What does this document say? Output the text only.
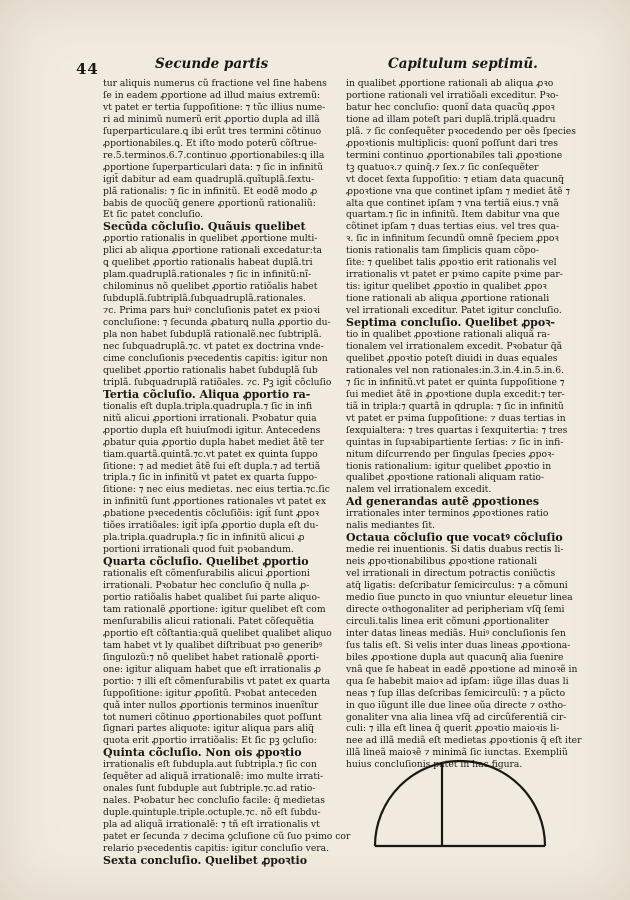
44	Secunde partis	Capitulum septimũ.
tur aliquis numerus cũ fractione vel ſine habens
ſe in eadem ꝓportione ad illud maius extremũ:
vt patet er tertia ſuppoſitione: ⁊ tũc illius nume-
ri ad minimũ numerũ erit ꝓportio dupla ad illã
ſuperparticulare.ꝗ ibi erũt tres termini cõtinuo
ꝓportionabiles.ꝗ. Et iſto modo poterũ cõſtrue-
re.5.terminos.6.7.continuo ꝓportionabiles:ꝗ illa
ꝓportione ſuperparticulari data: ⁊ ſic in infinitũ
igit̃ dabitur ad eam quadruplã.quĩtuplã.ſextu-
plã rationalis: ⁊ ſic in infinitũ. Et eodẽ modo ꝓ
babis de quocũq̃ genere ꝓportionũ rationaliũ:
Et ſic patet concluſio.
Secũda cõcluſio. Quãuis quelibet
ꝓportio rationalis in quelibet ꝓportione multi-
plici ab aliqua ꝓportione rationali excedatur:ta
ꝗ quelibet ꝓportio rationalis habeat duplã.tri
plam.quadruplã.rationales ⁊ ſic in infinitũ:nĩ-
chilominus nõ quelibet ꝓportio ratiõalis habet
ſubduplã.ſubtriplã.ſubquadruplã.rationales.
⁊c. Prima pars huiꝰ concluſionis patet ex pꝛioꝛi
concluſione: ⁊ ſecunda ꝓbaturꝗ nulla ꝓportio du-
pla non habet ſubduplã rationalẽ.nec ſubtriplã.
nec ſubquadruplã.⁊c. vt patet ex doctrina vnde-
cime concluſionis pꝛecedentis capitis: igitur non
quelibet ꝓportio rationalis habet ſubduplã ſub
triplã. ſubquadruplã ratiõales. ⁊c. Pꝫ igit̃ cõcluſio
Tertia cõcluſio. Aliqua ꝓportio ra-
tionalis eſt dupla.tripla.quadrupla.⁊ ſic in infi
nitũ alicui ꝓportioni irrationali. Pꝛobatur quia
ꝓportio dupla eſt huiuſmodi igitur. Antecedens
ꝓbatur quia ꝓportio dupla habet mediet ãtẽ ter
tiam.quartã.quintã.⁊c.vt patet ex quinta ſuppo
ſitione: ⁊ ad mediet ãtẽ ſui eſt dupla.⁊ ad tertiã
tripla.⁊ ſic in infinitũ vt patet ex quarta ſuppo-
ſitione: ⁊ nec eius medietas. nec eius tertia.⁊c.ſic
in infinitũ ſunt ꝓportiones rationales vt patet ex
ꝓbatione pꝛecedentis cõcluſiõis: igit̃ ſunt ꝓpoꝛ
tiões irratiõales: igit̃ ipſa ꝓportio dupla eſt du-
pla.tripla.quadrupla.⁊ ſic in infinitũ alicui ꝓ
portioni irrationali quod fuit pꝛobandum.
Quarta cõcluſio. Quelibet ꝓportio
rationalis eſt cõmenſurabilis alicui ꝓportioni
irrationali. Pꝛobatur hec concluſio q̃ nulla ꝓ-
portio ratiõalis habet qualibet ſui parte aliquo-
tam rationalẽ ꝓportione: igitur quelibet eſt com
menſurabilis alicui rationali. Patet cõſequẽtia
ꝓportio eſt cõſtantia:quã quelibet qualibet aliquo
tam habet vt ly qualibet diſtribuat pꝛo generibꝰ
ſingulozũ:⁊ nõ quelibet habet rationalẽ ꝓporti-
one: igitur aliquam habet que eſt irrationalis ꝓ
portio: ⁊ illi eſt cõmenſurabilis vt patet ex quarta
ſuppoſitione: igitur ꝓpoſitũ. Pꝛobat anteceden
quã inter nullos ꝓportionis terminos inuenĩtur
tot numeri cõtinuo ꝓportionabiles quot poſſunt
ſignari partes aliquote: igitur aliqua pars aliq̃
quota erit ꝓportio irratiõalis: Et ſic pꝫ ꝯcluſio:
Quinta cõcluſio. Non ois ꝓpoꝛtio
irrationalis eſt ſubdupla.aut ſubtripla.⁊ ſic con
ſequẽter ad aliquã irrationalẽ: imo multe irrati-
onales ſunt ſubduple aut ſubtriple.⁊c.ad ratio-
nales. Pꝛobatur hec concluſio facile: q̃ medietas
duple.quintuple.triple.octuple.⁊c. nõ eſt ſubdu-
pla ad aliquã irrationalẽ: ⁊ tñ eſt irrationalis vt
patet er ſecunda ⁊ decima ꝯcluſione cũ ſuo pꝛimo cor
relario pꝛecedentis capitis: igitur concluſio vera.
Sexta concluſio. Quelibet ꝓpoꝛtio
in qualibet ꝓportione rationali ab aliqua ꝓꝛo
portione rationali vel irratiõali exceditur. Pꝛo-
batur hec concluſio: quonĩ data quacũq ꝓpoꝛ
tione ad illam poteſt pari duplã.triplã.quadru
plã. ⁊ ſic conſequẽter pꝛocedendo per oẽs ſpecies
ꝓpoꝛtionis multiplicis: quonĩ poſſunt dari tres
termini continuo ꝓportionabiles tali ꝓpoꝛtione
tꝫ quatuoꝛ.⁊ quinq̃.⁊ ſex.⁊ ſic conſequẽter
vt docet ſexta ſuppoſitio: ⁊ etiam data quacunq̃
ꝓpoꝛtione vna que continet ipſam ⁊ mediet ãtẽ ⁊
alta que continet ipſam ⁊ vna tertiã eius.⁊ vnã
quartam.⁊ ſic in infinitũ. Item dabitur vna que
cõtinet ipſam ⁊ duas tertias eius. vel tres qua-
ꝛ. ſic in infinitum ſecundũ omnẽ ſpeciem ꝓpoꝛ
tionis rationalis tam ſimplicis quam cõpo-
ſite: ⁊ quelibet talis ꝓpoꝛtio erit rationalis vel
irrationalis vt patet er pꝛimo capite pꝛime par-
tis: igitur quelibet ꝓpoꝛtio in qualibet ꝓpoꝛ
tione rationali ab aliqua ꝓportione rationali
vel irrationali exceditur. Patet igitur concluſio.
Septima concluſio. Quelibet ꝓpoꝛ-
tio in qualibet ꝓpoꝛtione rationali aliquã ra-
tionalem vel irrationalem excedit. Pꝛobatur q̃ã
quelibet ꝓpoꝛtio poteſt diuidi in duas equales
rationales vel non rationales:in.3.in.4.in.5.in.6.
⁊ ſic in infinitũ.vt patet er quinta ſuppoſitione ⁊
ſui mediet ãtẽ in ꝓpoꝛtione dupla excedit:⁊ ter-
tiã in tripla:⁊ quartã in qdrupla: ⁊ ſic in infinitũ
vt patet er pꝛima ſuppoſitione: ⁊ duas tertias in
ſexquialtera: ⁊ tres quartas i ſexquitertia: ⁊ tres
quintas in ſupꝛabipartiente ſertias: ⁊ ſic in infi-
nitum diſcurrendo per ſingulas ſpecies ꝓpoꝛ-
tionis rationalium: igitur quelibet ꝓpoꝛtio in
qualibet ꝓpoꝛtione rationali aliquam ratio-
nalem vel irrationalem excedit.
Ad generandas autẽ ꝓpoꝛtiones
irrationales inter terminos ꝓpoꝛtiones ratio
nalis mediantes ſit.
Octaua cõcluſio que vocatꝰ cõcluſio
medie rei inuentionis. Si datis duabus rectis li-
neis ꝓpoꝛtionabilibus ꝓpoꝛtione rationali
vel irrationali in directum potractis coniũctis
atq̃ ligatis: deſcribatur ſemicirculus: ⁊ a cõmuni
medio ſiue puncto in quo vniuntur eleuetur linea
directe oꝛthogonaliter ad peripheriam vſq̃ ſemi
circuli.talis linea erit cõmuni ꝓportionaliter
inter datas lineas mediãs. Huiꝰ concluſionis ſen
ſus talis eſt. Si velis inter duas lineas ꝓpoꝛtiona-
biles ꝓpoꝛtione dupla aut quacunq̃ alia ſuenire
vnã que ſe habeat in eadẽ ꝓpoꝛtione ad minoꝛẽ in
qua ſe habebit maioꝛ ad ipſam: iũge illas duas li
neas ⁊ ſup illas deſcribas ſemicirculũ: ⁊ a pũcto
in quo iũgunt ille due linee oũa directe ⁊ oꝛtho-
gonaliter vna alia linea vſq̃ ad circũferentiã cir-
culi: ⁊ illa eſt linea q̃ querit ꝓpoꝛtio maioꝛis li-
nee ad illã mediã eſt medietas ꝓpoꝛtionis q̃ eſt iter
illã lineã maioꝛẽ ⁊ minimã ſic iunctas. Exempliũ
huius concluſionis patet in hac figura.
